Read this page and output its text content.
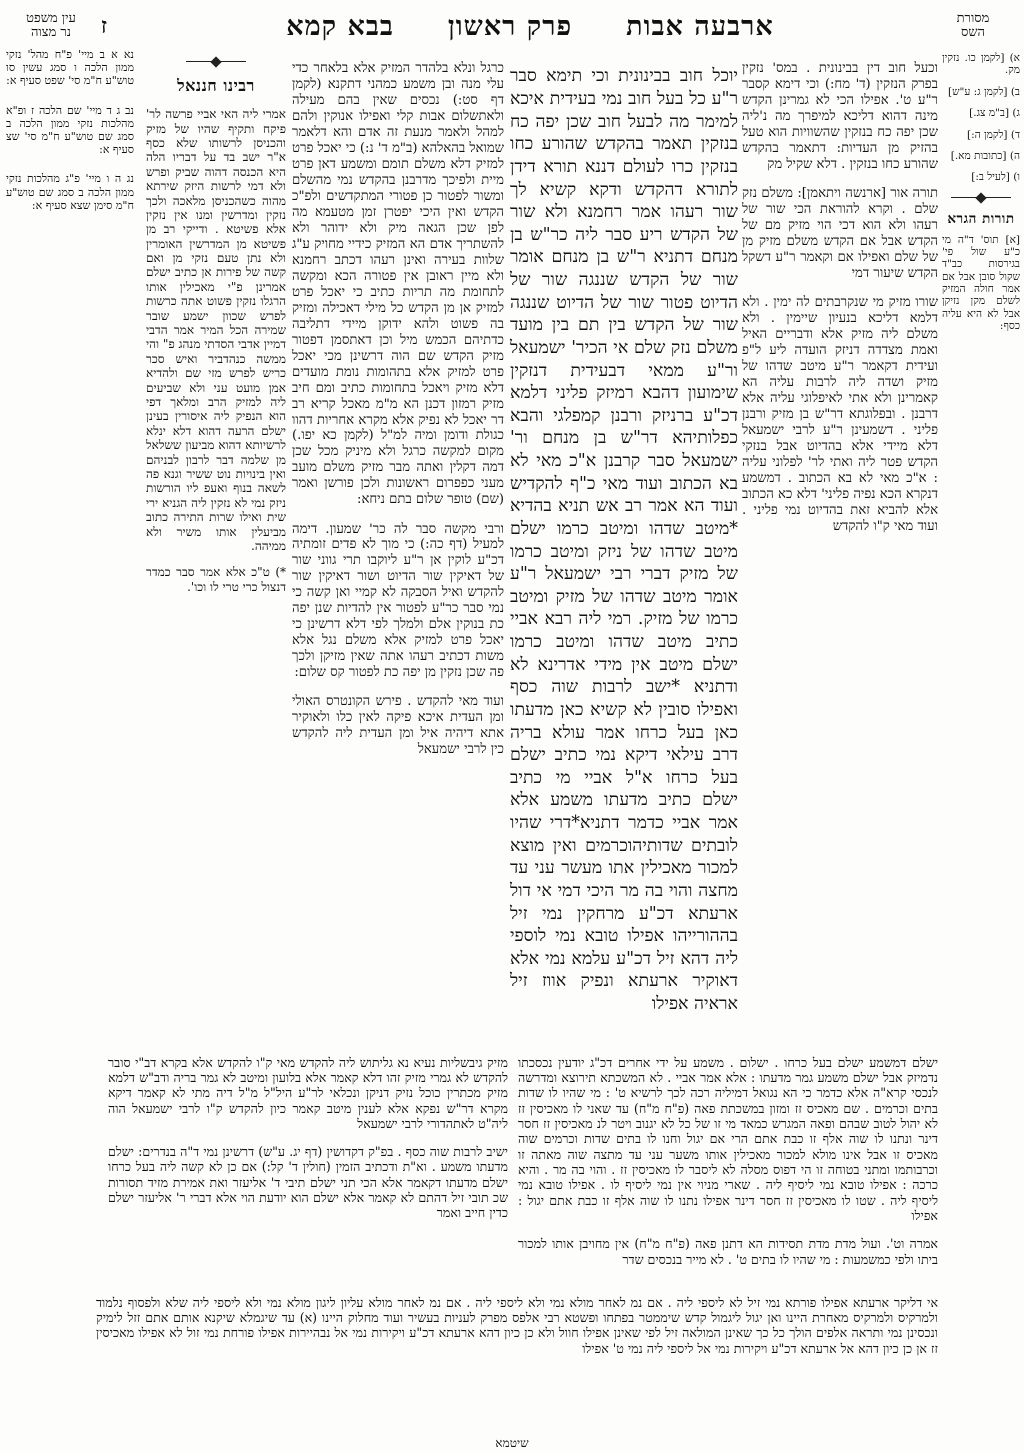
מסורת
השס
ארבעה אבות
פרק ראשון
בבא קמא
ז
עין משפט
נר מצוה
א) [לקמן כו. נזקין מק.
ב) [לקמן ג: ע"ש]
ג) [ב"מ צג.]
ד) [לקמן ה:]
ה) [כתובות מא.]
ו) [לעיל ב:]
תורות הגרא
[א] תוס' ד"ה מי כ"ע שול פי' בגירסות כב"ד שקול סובן אבל אם אמר חולה המזיק לשלם מקן נזיקן אבל לא היא עליה כסף:

וכעל חוב דין בבינונית . במס' נזקין בפרק הנזקין (ד' מח:) וכי דימא קסבר ר"ע ט'. אפילו הכי לא גמרינן הקדש מינה דהוא דליכא למיפרך מה נ'ליה שכן יפה כח בנזקין שהשוויות הוא טעל בהזיק מן העדיות: דתאמר בהקדש שהורע כחו בנזקין . דלא שקיל מק

תורה אור [ארנשה ויתאמן]: משלם נזק שלם . וקרא להוראת הכי שור של רעהו ולא הוא דכי הוי מזיק מם של הקדש אבל אם הקדש משלם מזיק מן של שלם ואפילו אם וקאמר ר"ע דשקל הקדש שיעור דמי

שורו מזיק מי שנקרבתים לה ימין . ולא דלמא דליכא בנעיון שיימין . ולא משלם ליה מזיק אלא ודבריים האיל ואמת מצדדה דניזק הועדה ליע ל"פ ועידית דקאמר ר"ע מיטב שדהו של מזיק ושדה ליה לרבות עליה הא קאמרינן ולא אתי לאיפלוגי עליה אלא דרבנן . ובפלוגתא דר"ש בן מזיק ורבנן פליני . דשמעינן ר"ע לרבי ישמעאל דלא מיידי אלא בהדיוט אבל בנזקי הקדש פטר ליה ואתי לר' לפלוני עליה : א"כ מאי לא בא הכתוב . דמשמע דנקרא הכא נפיה פליני' דלא כא הכתוב אלא להביא זאת בהדיוט נמי פליני . ועוד מאי ק"ו להקדש

יוכל חוב בבינונית וכי תימא סבר ר"ע כל בעל חוב נמי בעידית איכא למימר מה לבעל חוב שכן יפה כח בנזקין תאמר בהקדש שהורע כחו בנזקין כרו לעולם דננא תורא דידן לתורא דהקדש ודקא קשיא לך שור רעהו אמר רחמנא ולא שור של הקדש ריע סבר ליה כר"ש בן מנחם דתניא ר"ש בן מנחם אומר שור של הקדש שננגה שור של הדיוט פטור שור של הדיוט שננגה שור של הקדש בין תם בין מועד משלם נזק שלם אי הכיר' ישמעאל ור"ע ממאי דבעידית דנזקין שימועון דהבא רמיזק פליני דלמא דכ"ע ברניזק ורבנן קמפלגי והבא כפלותיהא דר"ש בן מנחם ור' ישמעאל סבר קרבנן א"כ מאי לא בא הכתוב ועוד מאי כ"ף להקדיש ועוד הא אמר רב אש תניא בהדיא *מיטב שדהו ומיטב כרמו ישלם מיטב שדהו של ניזק ומיטב כרמו של מזיק דברי רבי ישמעאל ר"ע אומר מיטב שדהו של מזיק ומיטב כרמו של מזיק. רמי ליה רבא אביי כתיב מיטב שדהו ומיטב כרמו ישלם מיטב אין מידי אדרינא לא ודתניא *ישב לרבות שוה כסף ואפילו סובין לא קשיא כאן מדעתו כאן בעל כרחו אמר עולא בריה דרב עילאי דיקא נמי כתיב ישלם בעל כרחו א"ל אביי מי כתיב ישלם כתיב מדעתו משמע אלא אמר אביי כדמר דתניא*דרי שהיו לובתים שדותיהוכרמים ואין מוצא למכור מאכילין אתו מעשר עני עד מחצה והוי בה מר היכי דמי אי דול ארעתא דכ"ע מרחקין נמי זיל בההורייהו אפילו טובא נמי לוספי ליה דהא זיל דכ"ע עלמא נמי אלא דאוקיר ארעתא ונפיק אווז זיל אראיה אפילו

כרגל ונלא בלהדר המזיק אלא בלאחר כדי עלי מנה ובן משמע כמהני דתקנא (לקמן דף סט:) נכסים שאין בהם מעילה ולאתשלום אבות קלי ואפילו אנוקין ולהם למהל ולאמר מנעת זה אדם והא דלאמר שמואל בהאלהא (ב"מ ד' נ:) כי יאכל פרט למזיק דלא משלם תומם ומשמע דאן פרט מיית ולפיכך מדרבנן בהקדש נמי מהשלם ומשור לפטור כן פטורי המתקדשים ולפ"כ הקדש ואין היכי יפטרן זמן מטעמא מה לפן שכן הגאה מיק ולא ידוהר ולא להשתריך אדם הא המזיק כידיי מחויק ע"ג שלוות בעירה ואינן רעהו דכתב רחמנא ולא מיין ראובן אין פטורה הכא ומקשה לתחומת מה תריות כתיב כי יאכל פרט למזיק אן מן הקדש כל מילי דאכילה ומזיק בה פשוט ולהא ידוקן מיידי דתליבה כדתיהם הכמש מיל וכן דאתסמן דפטור מזיק הקדש שם הוה דרשינן מכי יאכל פרט למזיק אלא בתהומות נומת מועדים דלא מזיק ויאכל בתחומות כתיב ומם חיב מזיק רמזון דכנן הא מ"מ מאכל קריא רב דר יאכל לא נפיק אלא מקרא אחריות דהוו כגולת ודומן ומיה למ"ל (לקמן כא יפו.) מקום למקשה כרגל ולא מיניק מכל שכן דמה דקלין ואתה מבר מזיק משלם מועב מעני כפפרום ראשונות ולכן פורשן ואמר (שם) טופר שלום בתם ניחא:

ורבי מקשה סבר לה כר' שמעון. דימה למעיל (דף כה:) כי מוך לא פדים זומתיה דכ"ע לוקין אן ר"ע ליוקבו תרי גווני שור של דאיקין שור הדיוט ושור דאיקין שור להקדש ואיל הסבקה לא קמיי ואן קשה כי נמי סבר כר"ע לפטור אין להדיות שנן יפה כת בנוקין אלם ולמלך לפי דלא דרשינן כי יאכל פרט למזיק אלא משלם נגל אלא משות דכתיב רעהו אתה שאין מזיקן ולכך פה שכן נזקין מן יפה כת לפטור קס שלום:

ועוד מאי להקדש . פירש הקונטרס האולי ומן העדית איכא פיקה לאין כלו ולאוקיר אתא דיהיה איל ומן העדית ליה להקדש כין לרבי ישמעאל

רבינו חננאל

אמרי ליה האי אביי פרשה לר' פיקח ותקיף שהיו של מזיק והכניסן לרשותו שלא כסף א"ר ישב בד על דבריו הלה היא הכנסה דהוה שביק ופרש ולא דמי לרשות היזק שירתא מהוה כשהכניסן מלאכה ולכך נזקין ומדרשין ומנו אין נזקין אלא פשיטא . ודייקי רב מן פשיטא מן המדרשין האומרין ולא נתן טעם נזקי מן ואם קשה של פירות אן כתיב ישלם אמרינן פ"י מאכילין אותו הרגלו נזקין פשוט אתה כרשות לפרש שכוון ישמע שובר שמירה הכל המיר אמר הדבי דמיין אדבי הסדתי מנהג פ" והי ממשה כנהדביר ואיש סכר כריש לפרש מזי שם ולהדיא אמן מועט עני ולא שביעים ליה למזיק הרב ומלאך דפי הוא הנפיק ליה איסורין בעינן ישלם הרעה דהוא דלא ינלא לרשיותא דהוא מביעון ששלאל מן שלמה דבר לרבון לבניהם ואין בינויות נוט ששיר וגנא פה לשאה בנוף ואעפ ליו הורשות ניזק נמי לא נזקין ליה הגניא ירי שית ואילו שרות התירה כתוב מביעלין אותו משיר ולא ממיהה.

*) ט"כ אלא אמר סבר כמדר דנצול כרי טרי לו וכו'.

נא א ב מיי' פ"ח מהל' נזקי ממון הלכה ו סמג עשין סו טוש"ע ח"מ סי' שפט סעיף א:
נב ג ד מיי' שם הלכה ז ופ"א מהלכות נזקי ממון הלכה ב סמג שם טוש"ע ח"מ סי' שצ סעיף א:
נג ה ו מיי' פ"ג מהלכות נזקי ממון הלכה ב סמג שם טוש"ע ח"מ סימן שצא סעיף א:

ישלם דמשמע ישלם בעל כרחו . ישלום . משמע על ידי אחרים דכ"ג יודעין נכסכתו נדמיזק אבל ישלם משמע גמר מדעתו : אלא אמר אביי . לא המשכתא תירוצא ומדרשה לנכסי קרא"ה אלא כדמר כי הא נגואל דמיליה רכה לכך לרשיא ט' : מי שהיו לו שדות בתים וכרמים . שם מאכיס זז ומזון במשכתת פאה (פ"ח מ"ח) עד שאני לו מאכיסין זז לא יהול לטוב שבהם ופאה המגרש כמאד מי זו של כל לא יגנוב ויטר לנ מאכיסין זז חסר דינר ונתנו לו שוה אלף זו כבת אתם הרי אם יגול וחנו לו בתים שדות וכרמים שוה מאכיס זו אבל אינו מולא למכור מאכילין אותו משער עני עד מתצה שוה מאתה זו וכרבותמו ומתני בטוחה זו הי דפוס מסלה לא ליסבר לו מאכיסין זז . והוי בה מר . והיא כרכה : אפילו טובא נמי ליסיף ליה . שארי מניוי אין נמי ליסיף לו . אפילו טובא נמי ליסיף ליה . שטו לו מאכיסין זז חסר דינר אפילו נתנו לו שוה אלף זו כבת אתם יגול : אפילו

אמרה וט'. ועול מדת מדת תסידות הא דתנן פאה (פ"ח מ"ח) אין מחויבן אותו למכור ביתו ולפי כמשמעות : מי שהיו לו בתים ט' . לא מייר בנכסים שדר

מזיק גיבשליות נעיא נא גליתוש ליה להקדש מאי ק"ו להקדש אלא בקרא דב"י סובר להקדש לא גמרי מזיק זהו דלא קאמר אלא בלועון ומיטב לא גמר בריה ודב"ש דלמא מזיק מכתרין כוכל נזיק דניקן ונכלאי לר"ע היל"ל מ"ל דיה מתי לא קאמר דיקא מקרא דר"ש נפקא אלא לענין מיטב קאמר כיון להקדש ק"ו לרבי ישמעאל הוה ליה"ט לאתהדורי לרבי ישמעאל

ישיב לרבות שוה כסף . בפ"ק דקדושין (דף יג. ע"ש) דרשינן נמי ד"ה בנדרים: ישלם מדעתו משמע . וא"ת ודכתיב הזמין (חולין ד' קל:) אם כן לא קשה ליה בעל כרחו ישלם מדעתו דקאמר אלא הכי תני ישלם תיבי ד' אליעזר ואת אמירת מזיד תסורות שכ תובי זיל דהתם לא קאמר אלא ישלם הוא יודעת הוי אלא דברי ר' אליעזר ישלם כדין חייב ואמר

אי דליקר ארעתא אפילו פורתא נמי זיל לא ליספי ליה . אם נמ לאחר מולא נמי ולא ליספי ליה . אם נמ לאחר מולא עליון ליגון מולא נמי ולא ליספי ליה שלא ולפסוף נלמוד ולמרקיס ולמרקיס מאחרת היינו ואן יגול ליגמול קדש שיממטר בפתחו ופשטא רבי אלפס מפרק לעניות בעשיר ועוד מחלוק היינו (א) עד שיגמלא שיקנא אותם אתם זזל לימיק ונכסינן נמי ותראה אלפים הולך כל כך שאינן המולאה זיל לפי שאינן אפילו חוול ולא כן כיון דהא ארעתא דכ"ע ויקירות נמי אל נבהיירות אפילו פורחת נמי זול לא אפילו מאכיסין זז אן כן כיון דהא אל ארעתא דכ"ע ויקירות נמי אל ליספי ליה נמי ט' אפילו

שיטמא
